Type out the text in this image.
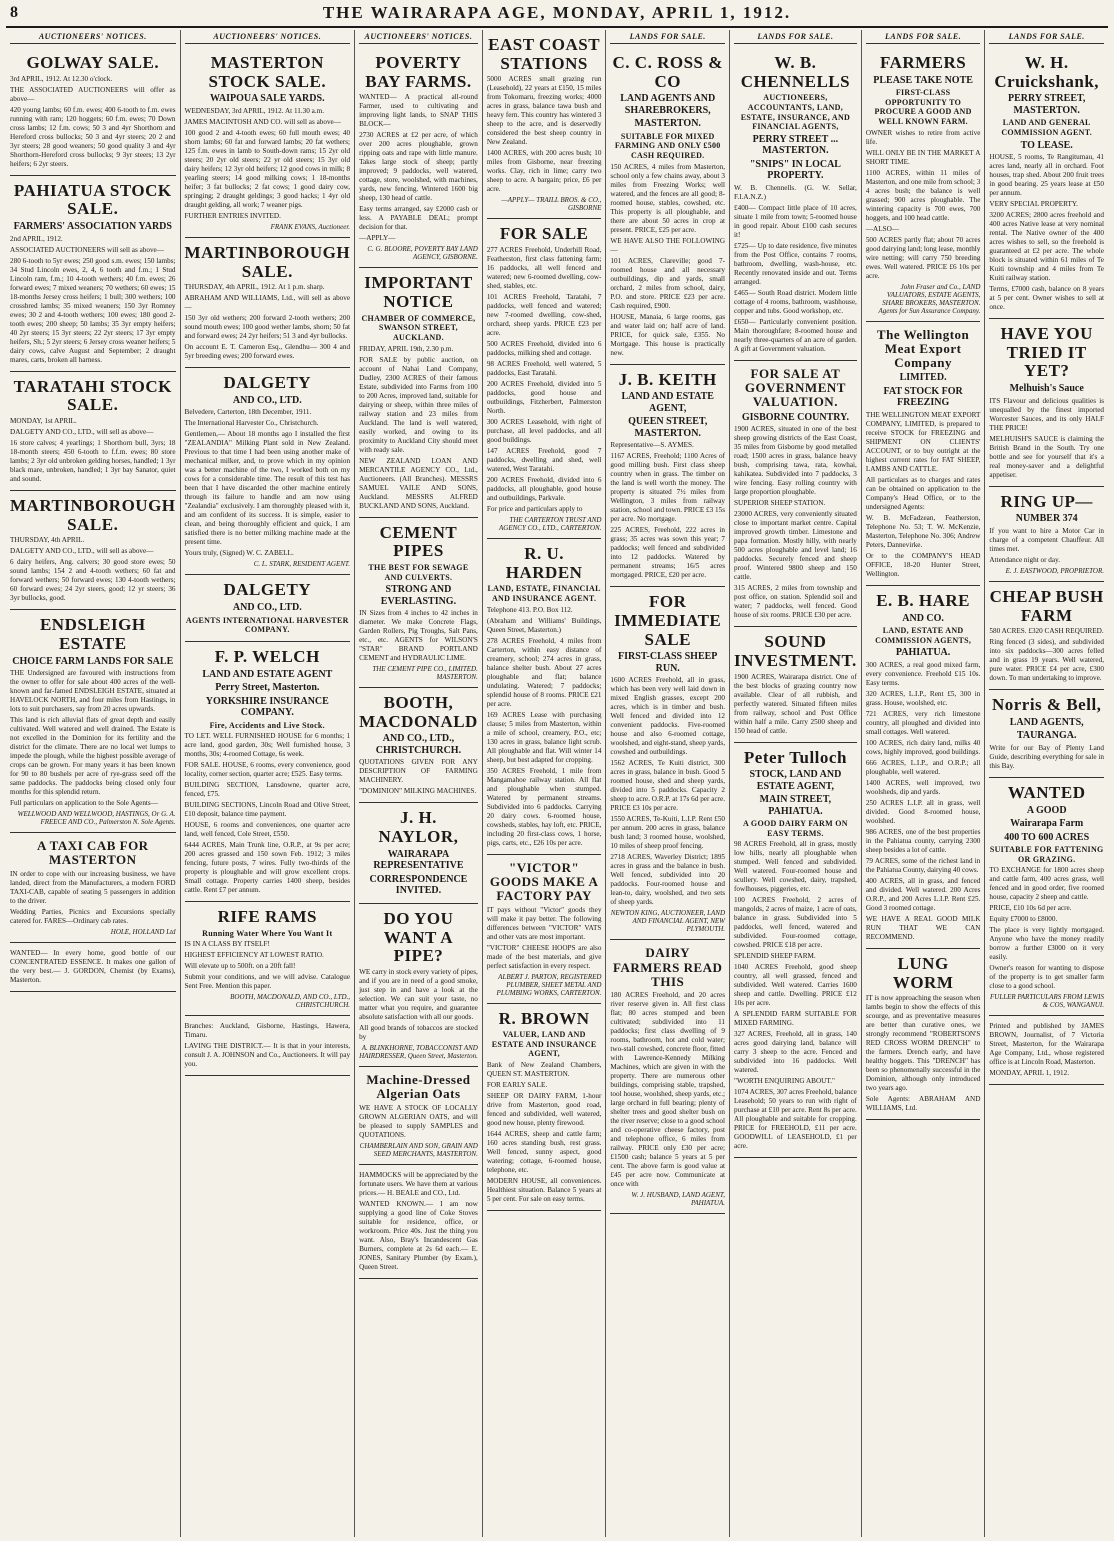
8	THE WAIRARAPA AGE, MONDAY, APRIL 1, 1912.
AUCTIONEERS' NOTICES.
GOLWAY SALE.

3rd APRIL, 1912. At 12.30 o'clock.

THE ASSOCIATED AUCTIONEERS will offer as above—

420 young lambs; 60 f.m. ewes; 400 6-tooth to f.m. ewes running with ram; 120 hoggets; 60 f.m. ewes; 70 Down cross lambs; 12 f.m. cows; 50 3 and 4yr Shorthorn and Hereford cross bullocks; 50 3 and 4yr steers; 20 2 and 3yr steers; 28 good weaners; 50 good quality 3 and 4yr Shorthorn-Hereford cross bullocks; 9 3yr steers; 13 2yr heifers; 6 2yr steers.

PAHIATUA STOCK SALE.
FARMERS' ASSOCIATION YARDS

2nd APRIL, 1912.

ASSOCIATED AUCTIONEERS will sell as above—

280 6-tooth to 5yr ewes; 250 good s.m. ewes; 150 lambs; 34 Stud Lincoln ewes, 2, 4, 6 tooth and f.m.; 1 Stud Lincoln ram, f.m.; 10 4-tooth wethers; 40 f.m. ewes; 26 forward ewes; 7 mixed weaners; 70 wethers; 60 ewes; 15 18-months Jersey cross heifers; 1 bull; 300 wethers; 100 crossbred lambs; 35 mixed weaners; 150 3yr Romney ewes; 30 2 and 4-tooth wethers; 100 ewes; 180 good 2-tooth ewes; 200 sheep; 50 lambs; 35 3yr empty heifers; 40 2yr steers; 15 3yr steers; 22 2yr steers; 17 3yr empty heifers, Sh.; 5 2yr steers; 6 Jersey cross weaner heifers; 5 dairy cows, calve August and September; 2 draught mares, carts, broken all harness.

TARATAHI STOCK SALE.

MONDAY, 1st APRIL.

DALGETY AND CO., LTD., will sell as above—

16 store calves; 4 yearlings; 1 Shorthorn bull, 3yrs; 18 18-month steers; 450 6-tooth to f.f.m. ewes; 80 store lambs; 2 3yr old unbroken gelding horses, handled; 1 3yr black mare, unbroken, handled; 1 3yr bay Sanator, quiet and sound.

MARTINBOROUGH SALE.

THURSDAY, 4th APRIL.

DALGETY AND CO., LTD., will sell as above—

6 dairy heifers, Ang. calvers; 30 good store ewes; 50 sound lambs; 154 2 and 4-tooth wethers; 60 fat and forward wethers; 50 forward ewes; 130 4-tooth wethers; 60 forward ewes; 24 2yr steers, good; 12 yr steers; 36 3yr bullocks, good.

ENDSLEIGH ESTATE
CHOICE FARM LANDS FOR SALE

THE Undersigned are favoured with instructions from the owner to offer for sale about 400 acres of the well-known and far-famed ENDSLEIGH ESTATE, situated at HAVELOCK NORTH, and four miles from Hastings, in lots to suit purchasers, say from 20 acres upwards.

This land is rich alluvial flats of great depth and easily cultivated. Well watered and well drained. The Estate is not excelled in the Dominion for its fertility and the district for the climate. There are no local wet lumps to impede the plough, while the highest possible average of crops can be grown. For many years it has been known for 90 to 80 bushels per acre of rye-grass seed off the same paddocks. The paddocks being closed only four months for this splendid return.

Full particulars on application to the Sole Agents—

WELLWOOD AND WELLWOOD, HASTINGS, Or G. A. FREECE AND CO., Palmerston N. Sole Agents.
A TAXI CAB FOR MASTERTON

IN order to cope with our increasing business, we have landed, direct from the Manufacturers, a modern FORD TAXI-CAB, capable of seating 5 passengers in addition to the driver.

Wedding Parties, Picnics and Excursions specially catered for. FARES—Ordinary cab rates.

HOLE, HOLLAND Ltd

WANTED— In every home, good bottle of our CONCENTRATED ESSENCE. It makes one gallon of the very best.— J. GORDON, Chemist (by Exams), Masterton.

AUCTIONEERS' NOTICES.
MASTERTON STOCK SALE.
WAIPOUA SALE YARDS.

WEDNESDAY, 3rd APRIL, 1912. At 11.30 a.m.

JAMES MACINTOSH AND CO. will sell as above—

100 good 2 and 4-tooth ewes; 60 full mouth ewes; 40 shorn lambs; 60 fat and forward lambs; 20 fat wethers; 125 f.m. ewes in lamb to South-down rams; 15 2yr old steers; 20 2yr old steers; 22 yr old steers; 15 3yr old dairy heifers; 12 3yr old heifers; 12 good cows in milk; 8 yearling steers; 14 good milking cows; 1 18-months heifer; 3 fat bullocks; 2 fat cows; 1 good dairy cow, springing; 2 draught geldings; 3 good hacks; 1 4yr old draught gelding, all work; 7 weaner pigs.

FURTHER ENTRIES INVITED.

FRANK EVANS, Auctioneer.
MARTINBOROUGH SALE.

THURSDAY, 4th APRIL, 1912. At 1 p.m. sharp.

ABRAHAM AND WILLIAMS, Ltd., will sell as above—

150 3yr old wethers; 200 forward 2-tooth wethers; 200 sound mouth ewes; 100 good wether lambs, shorn; 50 fat and forward ewes; 24 2yr heifers; 51 3 and 4yr bullocks.

On account E. T. Cameron Esq., Glendhu— 300 4 and 5yr breeding ewes; 200 forward ewes.

DALGETY
AND CO., LTD.

Belvedere, Carterton, 18th December, 1911.

The International Harvester Co., Christchurch.

Gentlemen,— About 18 months ago I installed the first "ZEALANDIA" Milking Plant sold in New Zealand. Previous to that time I had been using another make of mechanical milker, and, to prove which in my opinion was a better machine of the two, I worked both on my cows for a considerable time. The result of this test has been that I have discarded the other machine entirely through its failure to handle and am now using "Zealandia" exclusively. I am thoroughly pleased with it, and am confident of its success. It is simple, easier to clean, and being thoroughly efficient and quick, I am satisfied there is no better milking machine made at the present time.

Yours truly, (Signed) W. C. ZABELL.

C. L. STARK, RESIDENT AGENT.
DALGETY
AND CO., LTD.
AGENTS INTERNATIONAL HARVESTER COMPANY.
F. P. WELCH
LAND AND ESTATE AGENT
Perry Street, Masterton.
YORKSHIRE INSURANCE COMPANY.
Fire, Accidents and Live Stock.

TO LET. WELL FURNISHED HOUSE for 6 months; 1 acre land, good garden, 30s; Well furnished house, 3 months, 30s; 4-roomed Cottage, 6s week.

FOR SALE. HOUSE, 6 rooms, every convenience, good locality, corner section, quarter acre; £525. Easy terms.

BUILDING SECTION, Lansdowne, quarter acre, fenced, £75.

BUILDING SECTIONS, Lincoln Road and Olive Street, £10 deposit, balance time payment.

HOUSE, 6 rooms and conveniences, one quarter acre land, well fenced, Cole Street, £550.

6444 ACRES, Main Trunk line, O.R.P., at 9s per acre; 200 acres grassed and 150 sown Feb. 1912; 3 miles fencing, future posts, 7 wires. Fully two-thirds of the property is ploughable and will grow excellent crops. Small cottage. Property carries 1400 sheep, besides cattle. Rent £7 per annum.

RIFE RAMS
Running Water Where You Want It

IS IN A CLASS BY ITSELF!

HIGHEST EFFICIENCY AT LOWEST RATIO.

Will elevate up to 500ft. on a 20ft fall!

Submit your conditions, and we will advise. Catalogue Sent Free. Mention this paper.

BOOTH, MACDONALD, AND CO., LTD., CHRISTCHURCH.

Branches: Auckland, Gisborne, Hastings, Hawera, Timaru.

LAVING THE DISTRICT.— It is that in your interests, consult J. A. JOHNSON and Co., Auctioneers. It will pay you.

AUCTIONEERS' NOTICES.
POVERTY BAY FARMS.

WANTED— A practical all-round Farmer, used to cultivating and improving light lands, to SNAP THIS BLOCK—

2730 ACRES at £2 per acre, of which over 200 acres ploughable, grown ripping oats and rape with little manure. Takes large stock of sheep; partly improved; 9 paddocks, well watered, cottage, store, woolshed, with machines, yards, new fencing. Wintered 1600 big sheep, 130 head of cattle.

Easy terms arranged, say £2000 cash or less. A PAYABLE DEAL; prompt decision for that.

—APPLY—

C. G. BLOORE, POVERTY BAY LAND AGENCY, GISBORNE.
IMPORTANT NOTICE
CHAMBER OF COMMERCE, SWANSON STREET, AUCKLAND.

FRIDAY, APRIL 19th, 2.30 p.m.

FOR SALE by public auction, on account of Nahai Land Company, Dudley, 2300 ACRES of their famous Estate, subdivided into Farms from 100 to 200 Acres, improved land, suitable for dairying or sheep, within three miles of railway station and 23 miles from Auckland. The land is well watered, easily worked, and owing to its proximity to Auckland City should meet with ready sale.

NEW ZEALAND LOAN AND MERCANTILE AGENCY CO., Ltd., Auctioneers. (All Branches). MESSRS SAMUEL VAILE AND SONS, Auckland. MESSRS ALFRED BUCKLAND AND SONS, Auckland.

CEMENT PIPES
THE BEST FOR SEWAGE AND CULVERTS.
STRONG AND EVERLASTING.

IN Sizes from 4 inches to 42 inches in diameter. We make Concrete Flags, Garden Rollers, Pig Troughs, Salt Pans, etc., etc. AGENTS for WILSON'S "STAR" BRAND PORTLAND CEMENT and HYDRAULIC LIME.

THE CEMENT PIPE CO., LIMITED. MASTERTON.
BOOTH, MACDONALD
AND CO., LTD., CHRISTCHURCH.

QUOTATIONS GIVEN FOR ANY DESCRIPTION OF FARMING MACHINERY.

"DOMINION" MILKING MACHINES.

J. H. NAYLOR,
WAIRARAPA REPRESENTATIVE
CORRESPONDENCE INVITED.
DO YOU WANT A PIPE?

WE carry in stock every variety of pipes, and if you are in need of a good smoke, just step in and have a look at the selection. We can suit your taste, no matter what you require, and guarantee absolute satisfaction with all our goods.

All good brands of tobaccos are stocked by

A. BLINKHORNE, TOBACCONIST AND HAIRDRESSER, Queen Street, Masterton.
Machine-Dressed Algerian Oats

WE HAVE A STOCK OF LOCALLY GROWN ALGERIAN OATS, and will be pleased to supply SAMPLES and QUOTATIONS.

CHAMBERLAIN AND SON, GRAIN AND SEED MERCHANTS, MASTERTON.

HAMMOCKS will be appreciated by the fortunate users. We have them at various prices.— H. BEALE and CO., Ltd.

WANTED KNOWN.— I am now supplying a good line of Coke Stoves suitable for residence, office, or workroom. Price 40s. Just the thing you want. Also, Bray's Incandescent Gas Burners, complete at 2s 6d each.— E. JONES, Sanitary Plumber (by Exam.), Queen Street.

EAST COAST STATIONS

5000 ACRES small grazing run (Leasehold), 22 years at £150, 15 miles from Tokomaru, freezing works; 4000 acres in grass, balance tawa bush and heavy fern. This country has wintered 3 sheep to the acre, and is deservedly considered the best sheep country in New Zealand.

1400 ACRES, with 200 acres bush; 10 miles from Gisborne, near freezing works. Clay, rich in lime; carry two sheep to acre. A bargain; price, £6 per acre.

—APPLY— TRAILL BROS. & CO., GISBORNE
FOR SALE

277 ACRES Freehold, Underhill Road, Featherston, first class fattening farm; 16 paddocks, all well fenced and watered; new 6-roomed dwelling, cow-shed, stables, etc.

101 ACRES Freehold, Taratahi, 7 paddocks, well fenced and watered; new 7-roomed dwelling, cow-shed, orchard, sheep yards. PRICE £23 per acre.

500 ACRES Freehold, divided into 6 paddocks, milking shed and cottage.

98 ACRES Freehold, well watered, 5 paddocks, East Taratahi.

200 ACRES Freehold, divided into 5 paddocks, good house and outbuildings, Fitzherbert, Palmerston North.

300 ACRES Leasehold, with right of purchase, all level paddocks, and all good buildings.

147 ACRES Freehold, good 7 paddocks, dwelling and shed, well watered, West Taratahi.

200 ACRES Freehold, divided into 6 paddocks, all ploughable, good house and outbuildings, Parkvale.

For price and particulars apply to

THE CARTERTON TRUST AND AGENCY CO., LTD., CARTERTON.
R. U. HARDEN
LAND, ESTATE, FINANCIAL AND INSURANCE AGENT.

Telephone 413. P.O. Box 112.

(Abraham and Williams' Buildings, Queen Street, Masterton.)

278 ACRES Freehold, 4 miles from Carterton, within easy distance of creamery, school; 274 acres in grass, balance shelter bush. About 27 acres ploughable and flat; balance undulating. Watered; 7 paddocks; splendid house of 8 rooms. PRICE £21 per acre.

169 ACRES Lease with purchasing clause; 5 miles from Masterton, within a mile of school, creamery, P.O., etc; 130 acres in grass, balance light scrub. All ploughable and flat. Will winter 14 sheep, but best adapted for cropping.

350 ACRES Freehold, 1 mile from Mangamahoe railway station. All flat and ploughable when stumped. Watered by permanent streams. Subdivided into 6 paddocks. Carrying 20 dairy cows. 6-roomed house, cowsheds, stables, hay loft, etc. PRICE, including 20 first-class cows, 1 horse, pigs, carts, etc., £26 10s per acre.

"VICTOR" GOODS MAKE A FACTORY PAY

IT pays without "Victor" goods they will make it pay better. The following differences between "VICTOR" VATS and other vats are most important.

"VICTOR" CHEESE HOOPS are also made of the best materials, and give perfect satisfaction in every respect.

ALBERT J. PARTON, REGISTERED PLUMBER, SHEET METAL AND PLUMBING WORKS, CARTERTON.
R. BROWN
VALUER, LAND AND ESTATE AND INSURANCE AGENT,

Bank of New Zealand Chambers, QUEEN ST. MASTERTON.

FOR EARLY SALE.

SHEEP OR DAIRY FARM, 1-hour drive from Masterton, good road, fenced and subdivided, well watered, good new house, plenty firewood.

1644 ACRES, sheep and cattle farm; 160 acres standing bush, rest grass. Well fenced, sunny aspect, good watering; cottage, 6-roomed house, telephone, etc.

MODERN HOUSE, all conveniences. Healthiest situation. Balance 5 years at 5 per cent. For sale on easy terms.

LANDS FOR SALE.
C. C. ROSS & CO
LAND AGENTS AND SHAREBROKERS,
MASTERTON.
SUITABLE FOR MIXED FARMING AND ONLY £500 CASH REQUIRED.

150 ACRES, 4 miles from Masterton, school only a few chains away, about 3 miles from Freezing Works; well watered, and the fences are all good; 8-roomed house, stables, cowshed, etc. This property is all ploughable, and there are about 50 acres in crop at present. PRICE, £25 per acre.

WE HAVE ALSO THE FOLLOWING—

101 ACRES, Clareville; good 7-roomed house and all necessary outbuildings, dip and yards, small orchard, 2 miles from school, dairy, P.O. and store. PRICE £23 per acre. Cash required, £900.

HOUSE, Manaia, 6 large rooms, gas and water laid on; half acre of land. PRICE, for quick sale, £355. No Mortgage. This house is practically new.

J. B. KEITH
LAND AND ESTATE AGENT,
QUEEN STREET, MASTERTON.

Representative—S. AYMES.

1167 ACRES, Freehold; 1100 Acres of good milling bush. First class sheep country when in grass. The timber on the land is well worth the money. The property is situated 7½ miles from Wellington, 3 miles from railway station, school and town. PRICE £3 15s per acre. No mortgage.

225 ACRES, Freehold, 222 acres in grass; 35 acres was sown this year; 7 paddocks; well fenced and subdivided into 12 paddocks. Watered by permanent streams; 16/5 acres mortgaged. PRICE, £20 per acre.

FOR IMMEDIATE SALE
FIRST-CLASS SHEEP RUN.

1600 ACRES Freehold, all in grass, which has been very well laid down in mixed English grasses, except 200 acres, which is in timber and bush. Well fenced and divided into 12 convenient paddocks. Five-roomed house and also 6-roomed cottage, woolshed, and eight-stand, sheep yards, cowshed and outbuildings.

1562 ACRES, Te Kuiti district, 300 acres in grass, balance in bush. Good 5 roomed house, shed and sheep yards, divided into 5 paddocks. Capacity 2 sheep to acre. O.R.P. at 17s 6d per acre. PRICE £3 10s per acre.

1550 ACRES, Te-Kuiti, L.I.P. Rent £50 per annum. 200 acres in grass, balance bush land; 3 roomed house, woolshed, 10 miles of sheep proof fencing.

2718 ACRES, Waverley District; 1895 acres in grass and the balance in bush. Well fenced, subdivided into 20 paddocks. Four-roomed house and lean-to, dairy, woolshed, and two sets of sheep yards.

NEWTON KING, AUCTIONEER, LAND AND FINANCIAL AGENT, NEW PLYMOUTH.
DAIRY FARMERS READ THIS

180 ACRES Freehold, and 20 acres river reserve given in. All first class flat; 80 acres stumped and been cultivated; subdivided into 11 paddocks; first class dwelling of 9 rooms, bathroom, hot and cold water; two-stall cowshed, concrete floor, fitted with Lawrence-Kennedy Milking Machines, which are given in with the property. There are numerous other buildings, comprising stable, trapshed, tool house, woolshed, sheep yards, etc.; large orchard in full bearing; plenty of shelter trees and good shelter bush on the river reserve; close to a good school and co-operative cheese factory, post and telephone office, 6 miles from railway. PRICE only £30 per acre; £1500 cash; balance 5 years at 5 per cent. The above farm is good value at £45 per acre now. Communicate at once with

W. J. HUSBAND, LAND AGENT, PAHIATUA.
LANDS FOR SALE.
W. B. CHENNELLS
AUCTIONEERS, ACCOUNTANTS, LAND, ESTATE, INSURANCE, AND FINANCIAL AGENTS,
PERRY STREET ... MASTERTON.
"SNIPS" IN LOCAL PROPERTY.

W. B. Chennells. (G. W. Sellar, F.I.A.N.Z.)

£400— Compact little place of 10 acres, situate 1 mile from town; 5-roomed house in good repair. About £100 cash secures it!

£725— Up to date residence, five minutes from the Post Office, contains 7 rooms, bathroom, dwelling, wash-house, etc. Recently renovated inside and out. Terms arranged.

£465— South Road district. Modern little cottage of 4 rooms, bathroom, washhouse, copper and tubs. Good workshop, etc.

£650— Particularly convenient position. Main thoroughfare; 8-roomed house and nearly three-quarters of an acre of garden. A gift at Government valuation.

FOR SALE AT GOVERNMENT VALUATION.
GISBORNE COUNTRY.

1900 ACRES, situated in one of the best sheep growing districts of the East Coast, 35 miles from Gisborne by good metalled road; 1500 acres in grass, balance heavy bush, comprising tawa, rata, kowhai, kahikatea. Subdivided into 7 paddocks, 3 wire fencing. Easy rolling country with large proportion ploughable.

SUPERIOR SHEEP STATION.

23000 ACRES, very conveniently situated close to important market centre. Capital improved growth timber. Limestone and papa formation. Mostly hilly, with nearly 500 acres ploughable and level land; 16 paddocks. Securely fenced and sheep proof. Wintered 9800 sheep and 150 cattle.

315 ACRES, 2 miles from township and post office, on station. Splendid soil and water; 7 paddocks, well fenced. Good house of six rooms. PRICE £30 per acre.

SOUND INVESTMENT.

1900 ACRES, Wairarapa district. One of the best blocks of grazing country now available. Clear of all rubbish, and perfectly watered. Situated fifteen miles from railway, school and Post Office within half a mile. Carry 2500 sheep and 150 head of cattle.

Peter Tulloch
STOCK, LAND AND ESTATE AGENT,
MAIN STREET, PAHIATUA.
A GOOD DAIRY FARM ON EASY TERMS.

98 ACRES Freehold, all in grass, mostly low hills, nearly all ploughable when stumped. Well fenced and subdivided. Well watered. Four-roomed house and scullery. Well cowshed, dairy, trapshed, fowlhouses, piggeries, etc.

100 ACRES Freehold, 2 acres of mangolds, 2 acres of maize, 1 acre of oats, balance in grass. Subdivided into 5 paddocks, well fenced, watered and subdivided. Four-roomed cottage, cowshed. PRICE £18 per acre.

SPLENDID SHEEP FARM.

1040 ACRES Freehold, good sheep country, all well grassed, fenced and subdivided. Well watered. Carries 1600 sheep and cattle. Dwelling. PRICE £12 10s per acre.

A SPLENDID FARM SUITABLE FOR MIXED FARMING.

327 ACRES, Freehold, all in grass, 140 acres good dairying land, balance will carry 3 sheep to the acre. Fenced and subdivided into 16 paddocks. Well watered.

"WORTH ENQUIRING ABOUT."

1074 ACRES, 307 acres Freehold, balance Leasehold; 50 years to run with right of purchase at £10 per acre. Rent 8s per acre. All ploughable and suitable for cropping. PRICE for FREEHOLD, £11 per acre. GOODWILL of LEASEHOLD, £1 per acre.

LANDS FOR SALE.
FARMERS
PLEASE TAKE NOTE
FIRST-CLASS OPPORTUNITY TO PROCURE A GOOD AND WELL KNOWN FARM.

OWNER wishes to retire from active life.

WILL ONLY BE IN THE MARKET A SHORT TIME.

1100 ACRES, within 11 miles of Masterton, and one mile from school; 3 4 acres bush; the balance is well grassed; 900 acres ploughable. The wintering capacity is 700 ewes, 700 hoggets, and 100 head cattle.

—ALSO—

500 ACRES partly flat; about 70 acres good dairying land; long lease, monthly wire netting; will carry 750 breeding ewes. Well watered. PRICE £6 10s per acre.

John Fraser and Co., LAND VALUATORS, ESTATE AGENTS, SHARE BROKERS, MASTERTON. Agents for Sun Assurance Company.
The Wellington Meat Export Company
LIMITED.
FAT STOCK FOR FREEZING

THE WELLINGTON MEAT EXPORT COMPANY, LIMITED, is prepared to receive STOCK for FREEZING and SHIPMENT ON CLIENTS' ACCOUNT, or to buy outright at the highest current rates for FAT SHEEP, LAMBS AND CATTLE.

All particulars as to charges and rates can be obtained on application to the Company's Head Office, or to the undersigned Agents:

W. B. McFadzean, Featherston, Telephone No. 53; T. W. McKenzie, Masterton, Telephone No. 306; Andrew Peters, Dannevirke.

Or to the COMPANY'S HEAD OFFICE, 18-20 Hunter Street, Wellington.

E. B. HARE
AND CO.
LAND, ESTATE AND COMMISSION AGENTS,
PAHIATUA.

300 ACRES, a real good mixed farm, every convenience. Freehold £15 10s. Easy terms.

320 ACRES, L.I.P., Rent £5, 300 in grass. House, woolshed, etc.

721 ACRES, very rich limestone country, all ploughed and divided into small cottages. Well watered.

100 ACRES, rich dairy land, milks 40 cows, highly improved, good buildings.

666 ACRES, L.I.P., and O.R.P.; all ploughable, well watered.

1400 ACRES, well improved, two woolsheds, dip and yards.

250 ACRES L.I.P. all in grass, well divided. Good 8-roomed house, woolshed.

986 ACRES, one of the best properties in the Pahiatua county, carrying 2300 sheep besides a lot of cattle.

79 ACRES, some of the richest land in the Pahiatua County, dairying 40 cows.

400 ACRES, all in grass, and fenced and divided. Well watered. 200 Acres O.R.P., and 200 Acres L.I.P. Rent £25. Good 3 roomed cottage.

WE HAVE A REAL GOOD MILK RUN THAT WE CAN RECOMMEND.

LUNG WORM

IT is now approaching the season when lambs begin to show the effects of this scourge, and as preventative measures are better than curative ones, we strongly recommend "ROBERTSON'S RED CROSS WORM DRENCH" to the farmers. Drench early, and have healthy hoggets. This "DRENCH" has been so phenomenally successful in the Dominion, although only introduced two years ago.

Sole Agents: ABRAHAM AND WILLIAMS, Ltd.

LANDS FOR SALE.
W. H. Cruickshank,
PERRY STREET, MASTERTON.
LAND AND GENERAL COMMISSION AGENT.
TO LEASE.

HOUSE, 5 rooms, Te Rangitumau, 41 acres land, nearly all in orchard. Foot houses, trap shed. About 200 fruit trees in good bearing. 25 years lease at £50 per annum.

VERY SPECIAL PROPERTY.

3200 ACRES; 2800 acres freehold and 400 acres Native lease at very nominal rental. The Native owner of the 400 acres wishes to sell, so the freehold is guaranteed at £2 per acre. The whole block is situated within 61 miles of Te Kuiti township and 4 miles from Te Kuiti railway station.

Terms, £7000 cash, balance on 8 years at 5 per cent. Owner wishes to sell at once.

HAVE YOU TRIED IT YET?
Melhuish's Sauce

ITS Flavour and delicious qualities is unequalled by the finest imported Worcester Sauces, and its only HALF THE PRICE!

MELHUISH'S SAUCE is claiming the British Brand in the South. Try one bottle and see for yourself that it's a real money-saver and a delightful appetiser.

RING UP—
NUMBER 374

If you want to hire a Motor Car in charge of a competent Chauffeur. All times met.

Attendance night or day.

E. J. EASTWOOD, PROPRIETOR.
CHEAP BUSH FARM

580 ACRES. £320 CASH REQUIRED.

Ring fenced (3 sides), and subdivided into six paddocks—300 acres felled and in grass 19 years. Well watered, pure water. PRICE £4 per acre, £300 down. To man undertaking to improve.

Norris & Bell,
LAND AGENTS,
TAURANGA.

Write for our Bay of Plenty Land Guide, describing everything for sale in this Bay.

WANTED
A GOOD
Wairarapa Farm
400 TO 600 ACRES
SUITABLE FOR FATTENING OR GRAZING.

TO EXCHANGE for 1800 acres sheep and cattle farm, 400 acres grass, well fenced and in good order, five roomed house, capacity 2 sheep and cattle.

PRICE, £10 10s 6d per acre.

Equity £7000 to £8000.

The place is very lightly mortgaged. Anyone who have the money readily borrow a further £3000 on it very easily.

Owner's reason for wanting to dispose of the property is to get smaller farm close to a good school.

FULLER PARTICULARS FROM LEWIS & COS, WANGANUI.

Printed and published by JAMES BROWN, Journalist, of 7 Victoria Street, Masterton, for the Wairarapa Age Company, Ltd., whose registered office is at Lincoln Road, Masterton.

MONDAY, APRIL 1, 1912.
